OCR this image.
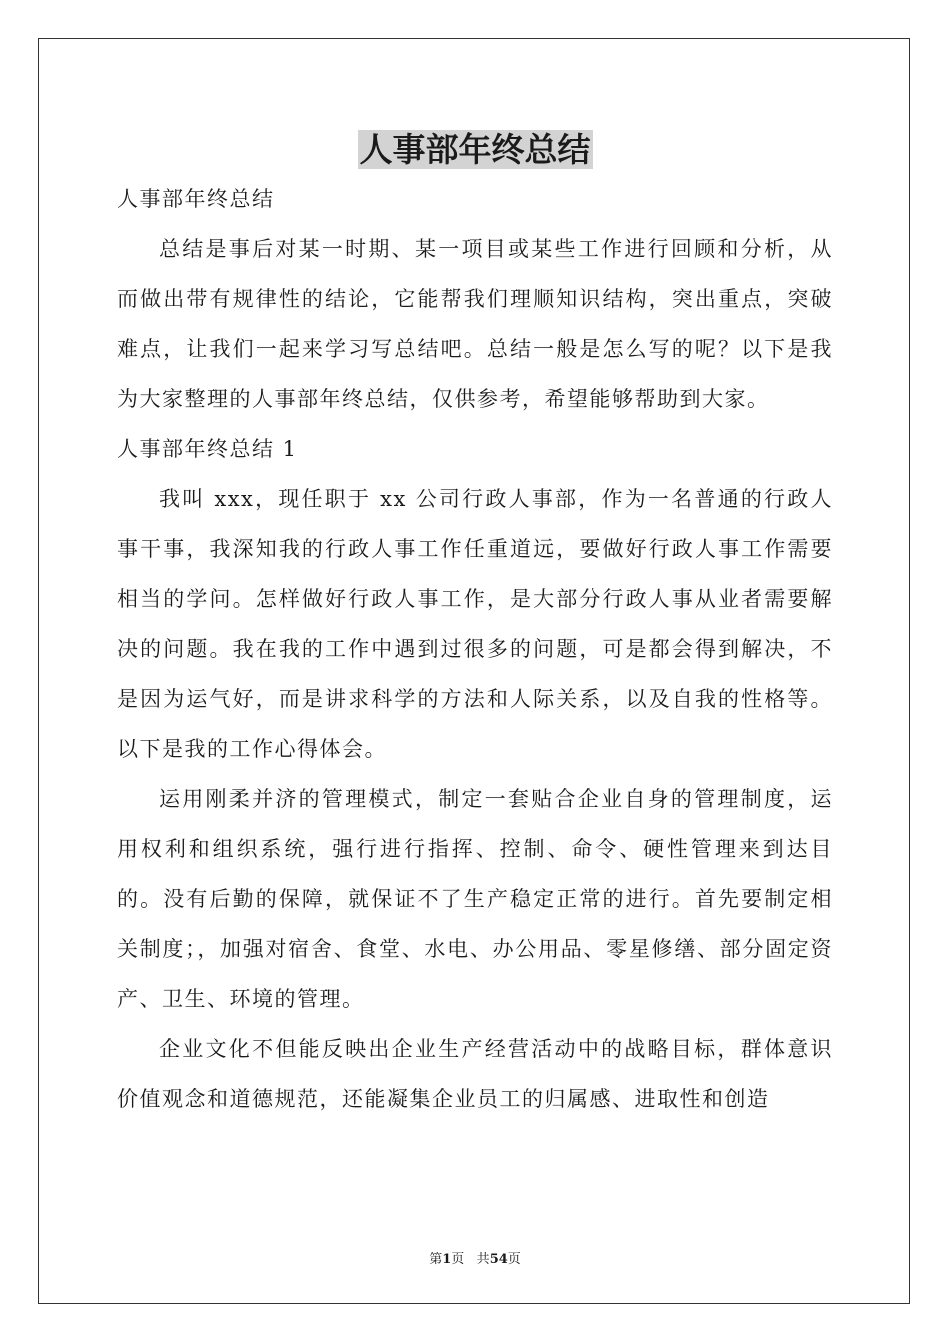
人事部年终总结

人事部年终总结

总结是事后对某一时期、某一项目或某些工作进行回顾和分析，从而做出带有规律性的结论，它能帮我们理顺知识结构，突出重点，突破难点，让我们一起来学习写总结吧。总结一般是怎么写的呢？以下是我为大家整理的人事部年终总结，仅供参考，希望能够帮助到大家。

人事部年终总结 1

我叫 xxx，现任职于 xx 公司行政人事部，作为一名普通的行政人事干事，我深知我的行政人事工作任重道远，要做好行政人事工作需要相当的学问。怎样做好行政人事工作，是大部分行政人事从业者需要解决的问题。我在我的工作中遇到过很多的问题，可是都会得到解决，不是因为运气好，而是讲求科学的方法和人际关系，以及自我的性格等。以下是我的工作心得体会。

运用刚柔并济的管理模式，制定一套贴合企业自身的管理制度，运用权利和组织系统，强行进行指挥、控制、命令、硬性管理来到达目的。没有后勤的保障，就保证不了生产稳定正常的进行。首先要制定相关制度；，加强对宿舍、食堂、水电、办公用品、零星修缮、部分固定资产、卫生、环境的管理。

企业文化不但能反映出企业生产经营活动中的战略目标，群体意识价值观念和道德规范，还能凝集企业员工的归属感、进取性和创造

第1页 共54页
